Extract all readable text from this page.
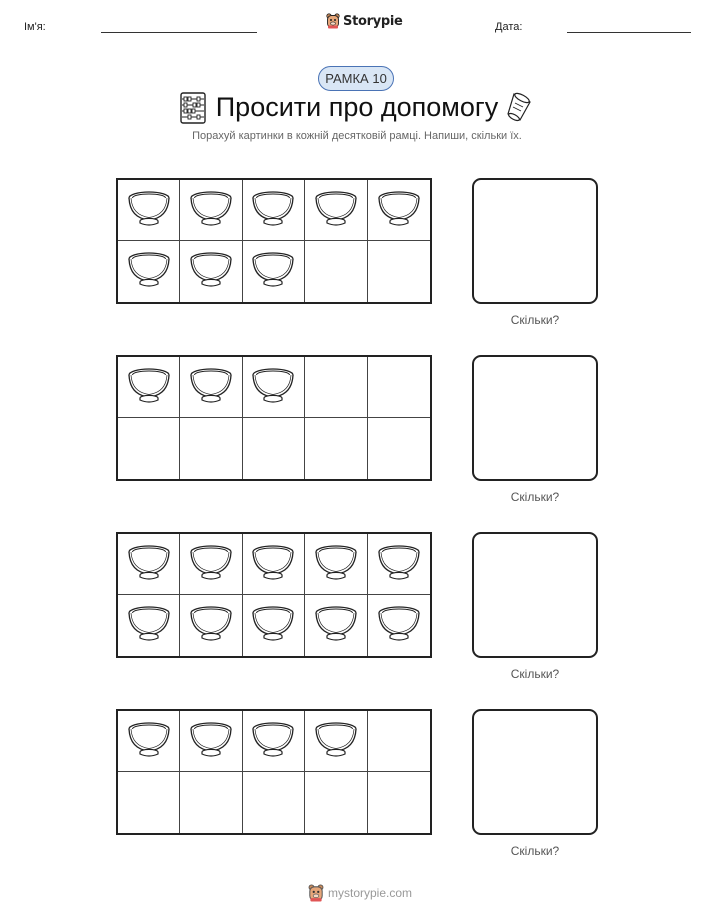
Ім'я:	Storypie	Дата:
РАМКА 10
Просити про допомогу
Порахуй картинки в кожній десятковій рамці. Напиши, скільки їх.
Скільки?
Скільки?
Скільки?
Скільки?
mystorypie.com
